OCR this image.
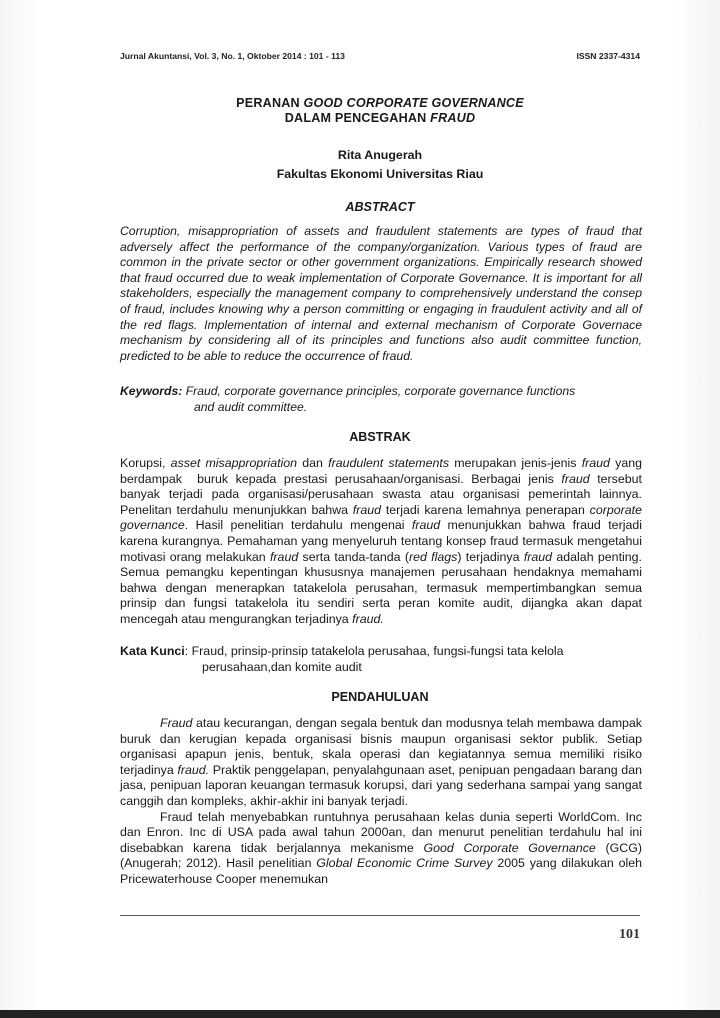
Jurnal Akuntansi, Vol. 3, No. 1, Oktober 2014 : 101 - 113	ISSN 2337-4314
PERANAN GOOD CORPORATE GOVERNANCE
DALAM PENCEGAHAN FRAUD
Rita Anugerah
Fakultas Ekonomi Universitas Riau
ABSTRACT

Corruption, misappropriation of assets and fraudulent statements are types of fraud that adversely affect the performance of the company/organization. Various types of fraud are common in the private sector or other government organizations. Empirically research showed that fraud occurred due to weak implementation of Corporate Governance. It is important for all stakeholders, especially the management company to comprehensively understand the consep of fraud, includes knowing why a person committing or engaging in fraudulent activity and all of the red flags. Implementation of internal and external mechanism of Corporate Governace mechanism by considering all of its principles and functions also audit committee function, predicted to be able to reduce the occurrence of fraud.

Keywords: Fraud, corporate governance principles, corporate governance functions
and audit committee.
ABSTRAK

Korupsi, asset misappropriation dan fraudulent statements merupakan jenis-jenis fraud yang berdampak  buruk kepada prestasi perusahaan/organisasi. Berbagai jenis fraud tersebut banyak terjadi pada organisasi/perusahaan swasta atau organisasi pemerintah lainnya. Penelitan terdahulu menunjukkan bahwa fraud terjadi karena lemahnya penerapan corporate governance. Hasil penelitian terdahulu mengenai fraud menunjukkan bahwa fraud terjadi karena kurangnya. Pemahaman yang menyeluruh tentang konsep fraud termasuk mengetahui motivasi orang melakukan fraud serta tanda-tanda (red flags) terjadinya fraud adalah penting. Semua pemangku kepentingan khususnya manajemen perusahaan hendaknya memahami bahwa dengan menerapkan tatakelola perusahan, termasuk mempertimbangkan semua prinsip dan fungsi tatakelola itu sendiri serta peran komite audit, dijangka akan dapat mencegah atau mengurangkan terjadinya fraud.

Kata Kunci: Fraud, prinsip-prinsip tatakelola perusahaa, fungsi-fungsi tata kelola
perusahaan,dan komite audit
PENDAHULUAN

Fraud atau kecurangan, dengan segala bentuk dan modusnya telah membawa dampak buruk dan kerugian kepada organisasi bisnis maupun organisasi sektor publik. Setiap organisasi apapun jenis, bentuk, skala operasi dan kegiatannya semua memiliki risiko terjadinya fraud. Praktik penggelapan, penyalahgunaan aset, penipuan pengadaan barang dan jasa, penipuan laporan keuangan termasuk korupsi, dari yang sederhana sampai yang sangat canggih dan kompleks, akhir-akhir ini banyak terjadi.

Fraud telah menyebabkan runtuhnya perusahaan kelas dunia seperti WorldCom. Inc dan Enron. Inc di USA pada awal tahun 2000an, dan menurut penelitian terdahulu hal ini disebabkan karena tidak berjalannya mekanisme Good Corporate Governance (GCG) (Anugerah; 2012). Hasil penelitian Global Economic Crime Survey 2005 yang dilakukan oleh Pricewaterhouse Cooper menemukan

101
